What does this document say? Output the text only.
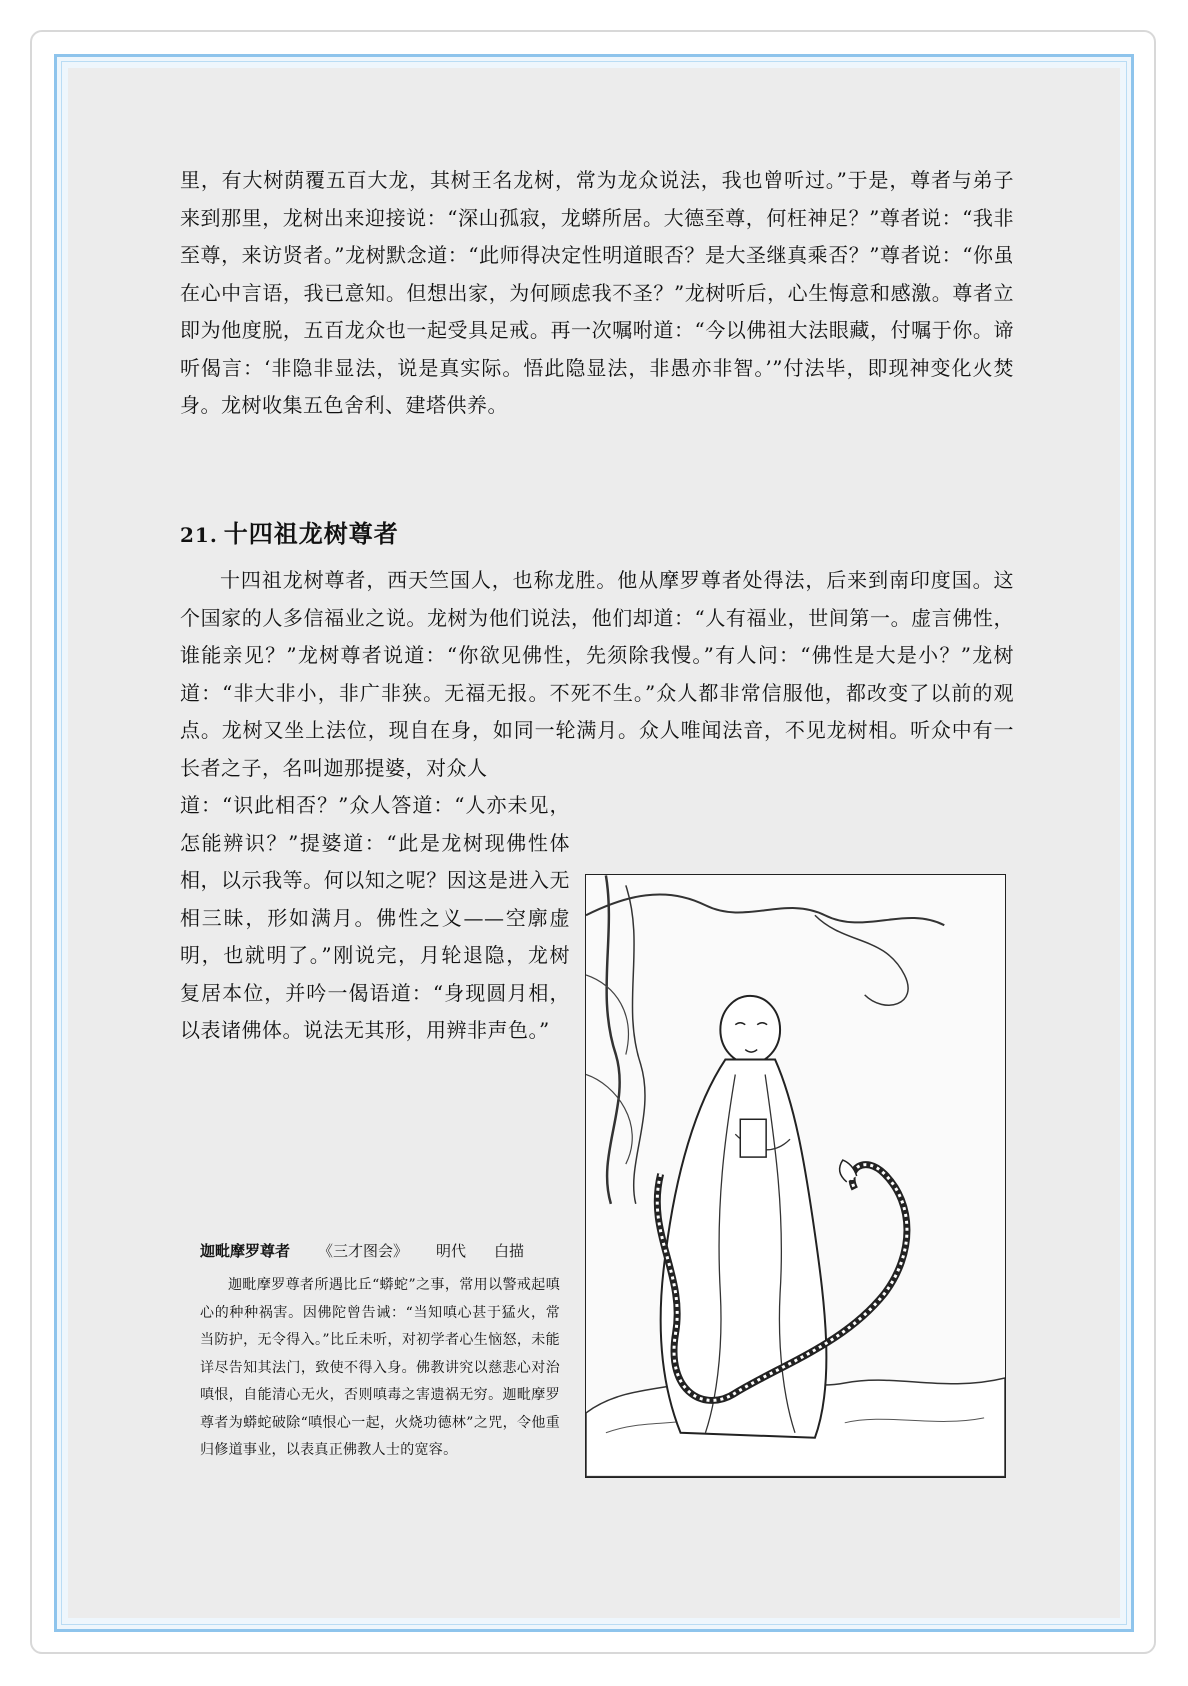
里，有大树荫覆五百大龙，其树王名龙树，常为龙众说法，我也曾听过。”于是，尊者与弟子来到那里，龙树出来迎接说：“深山孤寂，龙蟒所居。大德至尊，何枉神足？”尊者说：“我非至尊，来访贤者。”龙树默念道：“此师得决定性明道眼否？是大圣继真乘否？”尊者说：“你虽在心中言语，我已意知。但想出家，为何顾虑我不圣？”龙树听后，心生悔意和感激。尊者立即为他度脱，五百龙众也一起受具足戒。再一次嘱咐道：“今以佛祖大法眼藏，付嘱于你。谛听偈言：‘非隐非显法，说是真实际。悟此隐显法，非愚亦非智。’”付法毕，即现神变化火焚身。龙树收集五色舍利、建塔供养。

21. 十四祖龙树尊者

十四祖龙树尊者，西天竺国人，也称龙胜。他从摩罗尊者处得法，后来到南印度国。这个国家的人多信福业之说。龙树为他们说法，他们却道：“人有福业，世间第一。虚言佛性，谁能亲见？”龙树尊者说道：“你欲见佛性，先须除我慢。”有人问：“佛性是大是小？”龙树道：“非大非小，非广非狭。无福无报。不死不生。”众人都非常信服他，都改变了以前的观点。龙树又坐上法位，现自在身，如同一轮满月。众人唯闻法音，不见龙树相。听众中有一长者之子，名叫迦那提婆，对众人

道：“识此相否？”众人答道：“人亦未见，怎能辨识？”提婆道：“此是龙树现佛性体相，以示我等。何以知之呢？因这是进入无相三昧，形如满月。佛性之义——空廓虚明，也就明了。”刚说完，月轮退隐，龙树复居本位，并吟一偈语道：“身现圆月相，以表诸佛体。说法无其形，用辨非声色。”

迦毗摩罗尊者 《三才图会》 明代 白描

迦毗摩罗尊者所遇比丘“蟒蛇”之事，常用以警戒起嗔心的种种祸害。因佛陀曾告诫：“当知嗔心甚于猛火，常当防护，无令得入。”比丘未听，对初学者心生恼怒，未能详尽告知其法门，致使不得入身。佛教讲究以慈悲心对治嗔恨，自能清心无火，否则嗔毒之害遗祸无穷。迦毗摩罗尊者为蟒蛇破除“嗔恨心一起，火烧功德林”之咒，令他重归修道事业，以表真正佛教人士的宽容。
